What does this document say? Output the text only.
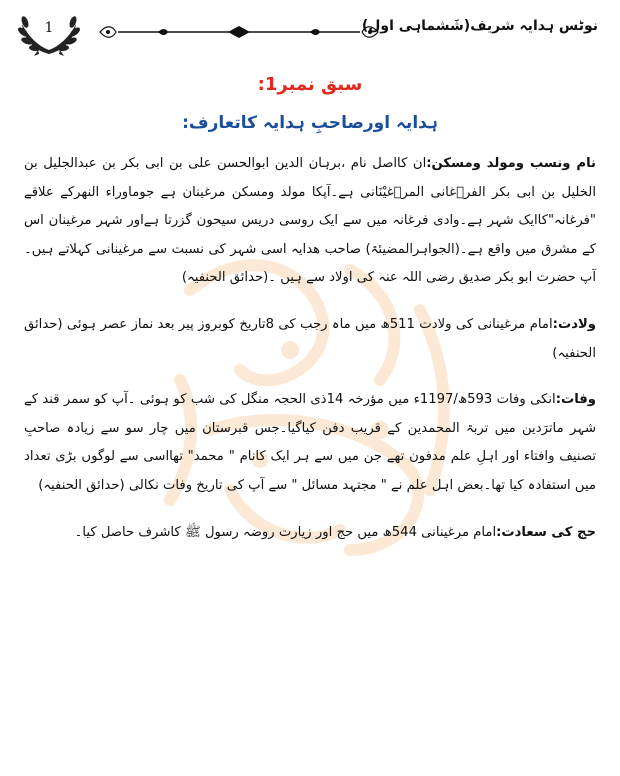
1	نوٹس ہدایہ شریف(شَشماہی اول)
سبق نمبر1:
ہدایہ اورصاحبِ ہدایہ کاتعارف:

نام ونسب ومولد ومسکن:ان کااصل نام ،برہان الدین ابوالحسن علی بن ابی بکر بن عبدالجلیل بن الخلیل بن ابی بکر الفرؔغانی المرؔغیْنَانی ہے۔آپکا مولد ومسکن مرغینان ہے جوماوراء النھرکے علاقے "فرغانہ"کاایک شہر ہے۔وادی فرغانہ میں سے ایک روسی دریس سیحون گزرتا ہےاور شہر مرغینان اس کے مشرق میں واقع ہے۔(الجواہرالمضیئۃ) صاحب ھدایہ اسی شہر کی نسبت سے مرغینانی کہلاتے ہیں۔آپ حضرت ابو بکر صدیق رضی اللہ عنہ کی اولاد سے ہیں ۔(حدائق الحنفیہ)

ولادت:امام مرغینانی کی ولادت 511ھ میں ماہ رجب کی 8تاریخ کوبروز پیر بعد نماز عصر ہوئی (حدائق الحنفیہ)

وفات:انکی وفات 593ھ/1197ء میں مؤرخہ 14ذی الحجہ منگل کی شب کو ہوئی ۔آپ کو سمر قند کے شہر ماترَدین میں تربۃ المحمدین کے قریب دفن کیاگیا۔جس قبرستان میں چار سو سے زیادہ صاحبِ تصنیف وافتاء اور اہلِ علم مدفون تھے جن میں سے ہر ایک کانام " محمد" تھااسی سے لوگوں بڑی تعداد میں استفادہ کیا تھا۔بعض اہل علم نے " مجتہد مسائل " سے آپ کی تاریخ وفات نکالی (حدائق الحنفیہ)

حج کی سعادت:امام مرغینانی 544ھ میں حج اور زیارت روضہ رسول ﷺ کاشرف حاصل کیا۔
